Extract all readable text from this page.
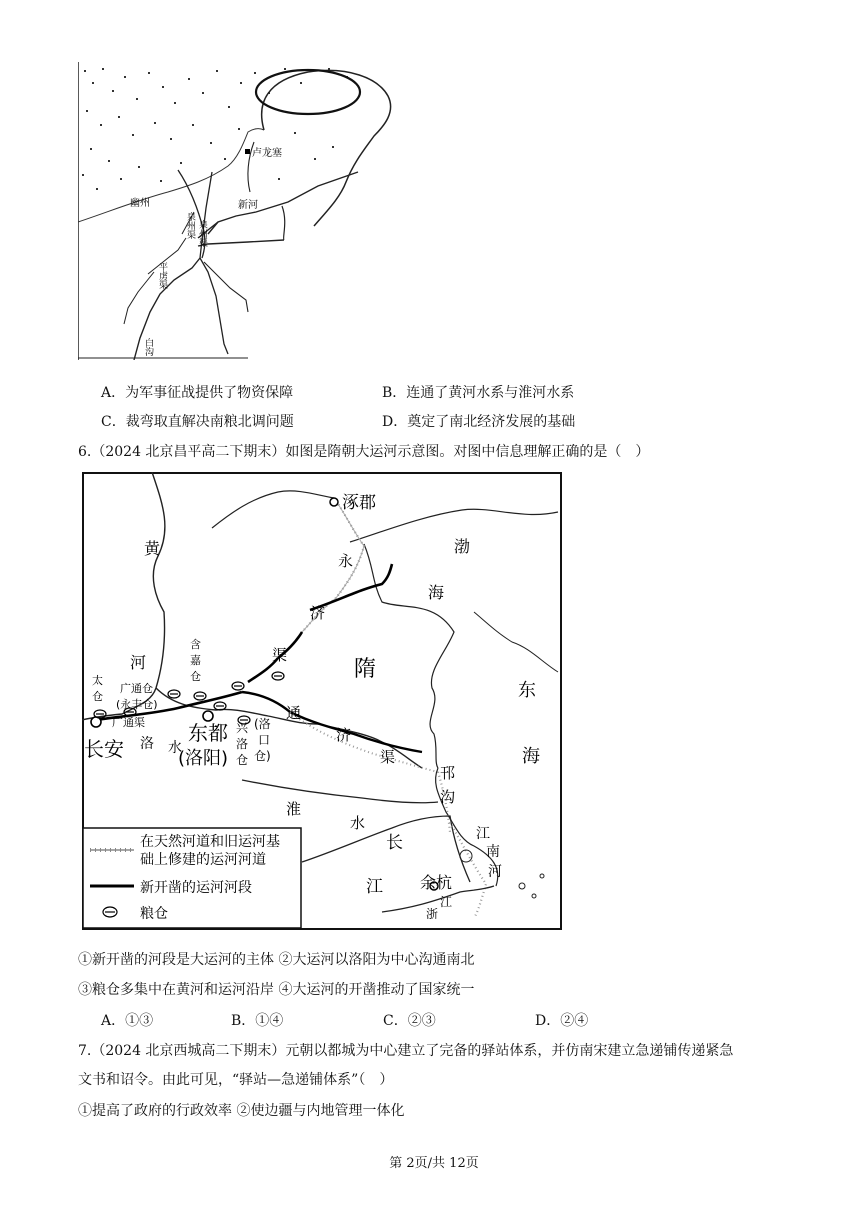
卢龙塞
幽州	新河
泉州渠 泉州渠
平虏渠
白沟
A．为军事征战提供了物资保障	B．连通了黄河水系与淮河水系
C．裁弯取直解决南粮北调问题	D．奠定了南北经济发展的基础
6.（2024 北京昌平高二下期末）如图是隋朝大运河示意图。对图中信息理解正确的是（　）
涿郡
渤
海
黄
河
永
济
渠
隋
东
海
含
嘉
仓
太
仓
广通仓
(永丰仓)
广通渠
长安
东都
(洛阳)
洛 水
兴
洛
仓
(洛
口
仓)
通
济
渠
淮
水
邗
沟
长
江
江
南
河
余杭
浙
江
在天然河道和旧运河基
础上修建的运河河道
新开凿的运河河段
粮仓
①新开凿的河段是大运河的主体 ②大运河以洛阳为中心沟通南北
③粮仓多集中在黄河和运河沿岸 ④大运河的开凿推动了国家统一
A．①③	B．①④	C．②③	D．②④
7.（2024 北京西城高二下期末）元朝以都城为中心建立了完备的驿站体系，并仿南宋建立急递铺传递紧急
文书和诏令。由此可见，“驿站—急递铺体系”（　）
①提高了政府的行政效率 ②使边疆与内地管理一体化
第 2页/共 12页
